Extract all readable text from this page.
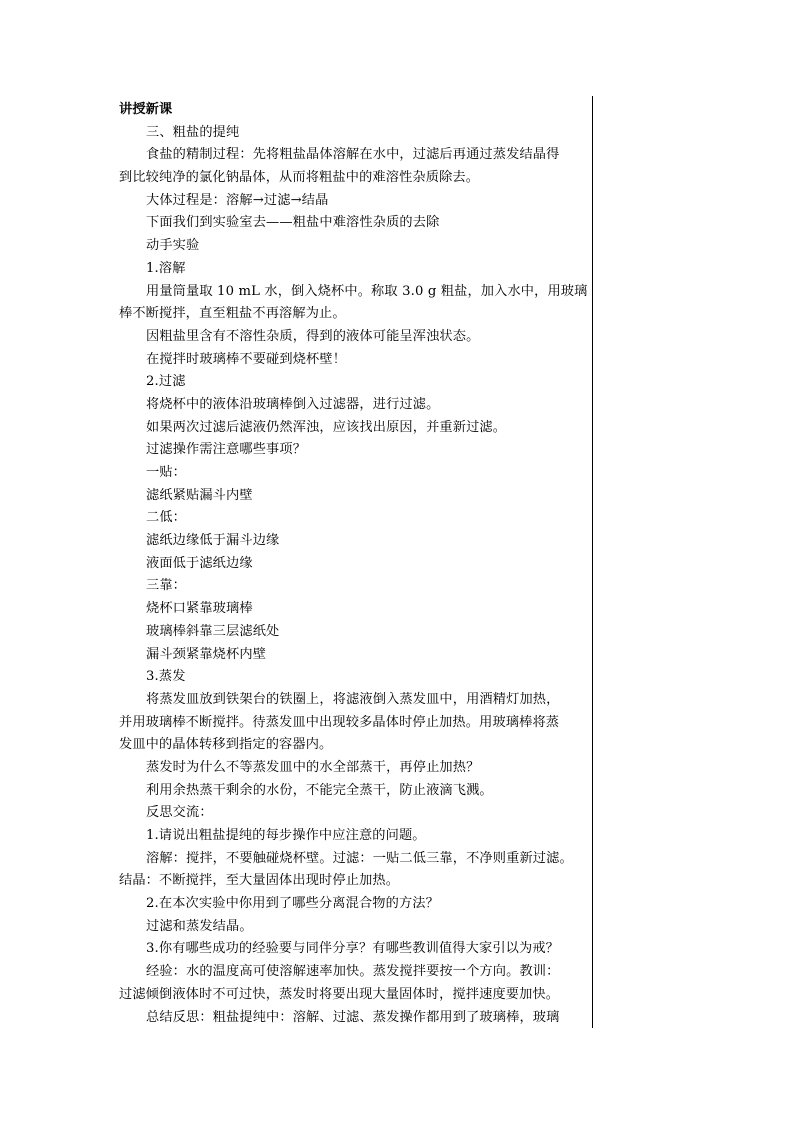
讲授新课
三、粗盐的提纯
食盐的精制过程：先将粗盐晶体溶解在水中，过滤后再通过蒸发结晶得
到比较纯净的氯化钠晶体，从而将粗盐中的难溶性杂质除去。
大体过程是：溶解→过滤→结晶
下面我们到实验室去——粗盐中难溶性杂质的去除
动手实验
1.溶解
用量筒量取 10 mL 水，倒入烧杯中。称取 3.0 g 粗盐，加入水中，用玻璃
棒不断搅拌，直至粗盐不再溶解为止。
因粗盐里含有不溶性杂质，得到的液体可能呈浑浊状态。
在搅拌时玻璃棒不要碰到烧杯壁！
2.过滤
将烧杯中的液体沿玻璃棒倒入过滤器，进行过滤。
如果两次过滤后滤液仍然浑浊，应该找出原因，并重新过滤。
过滤操作需注意哪些事项？
一贴：
滤纸紧贴漏斗内壁
二低：
滤纸边缘低于漏斗边缘
液面低于滤纸边缘
三靠：
烧杯口紧靠玻璃棒
玻璃棒斜靠三层滤纸处
漏斗颈紧靠烧杯内壁
3.蒸发
将蒸发皿放到铁架台的铁圈上，将滤液倒入蒸发皿中，用酒精灯加热，
并用玻璃棒不断搅拌。待蒸发皿中出现较多晶体时停止加热。用玻璃棒将蒸
发皿中的晶体转移到指定的容器内。
蒸发时为什么不等蒸发皿中的水全部蒸干，再停止加热？
利用余热蒸干剩余的水份，不能完全蒸干，防止液滴飞溅。
反思交流：
1.请说出粗盐提纯的每步操作中应注意的问题。
溶解：搅拌，不要触碰烧杯壁。过滤：一贴二低三靠，不净则重新过滤。
结晶：不断搅拌，至大量固体出现时停止加热。
2.在本次实验中你用到了哪些分离混合物的方法？
过滤和蒸发结晶。
3.你有哪些成功的经验要与同伴分享？有哪些教训值得大家引以为戒？
经验：水的温度高可使溶解速率加快。蒸发搅拌要按一个方向。教训：
过滤倾倒液体时不可过快，蒸发时将要出现大量固体时，搅拌速度要加快。
总结反思：粗盐提纯中：溶解、过滤、蒸发操作都用到了玻璃棒，玻璃
